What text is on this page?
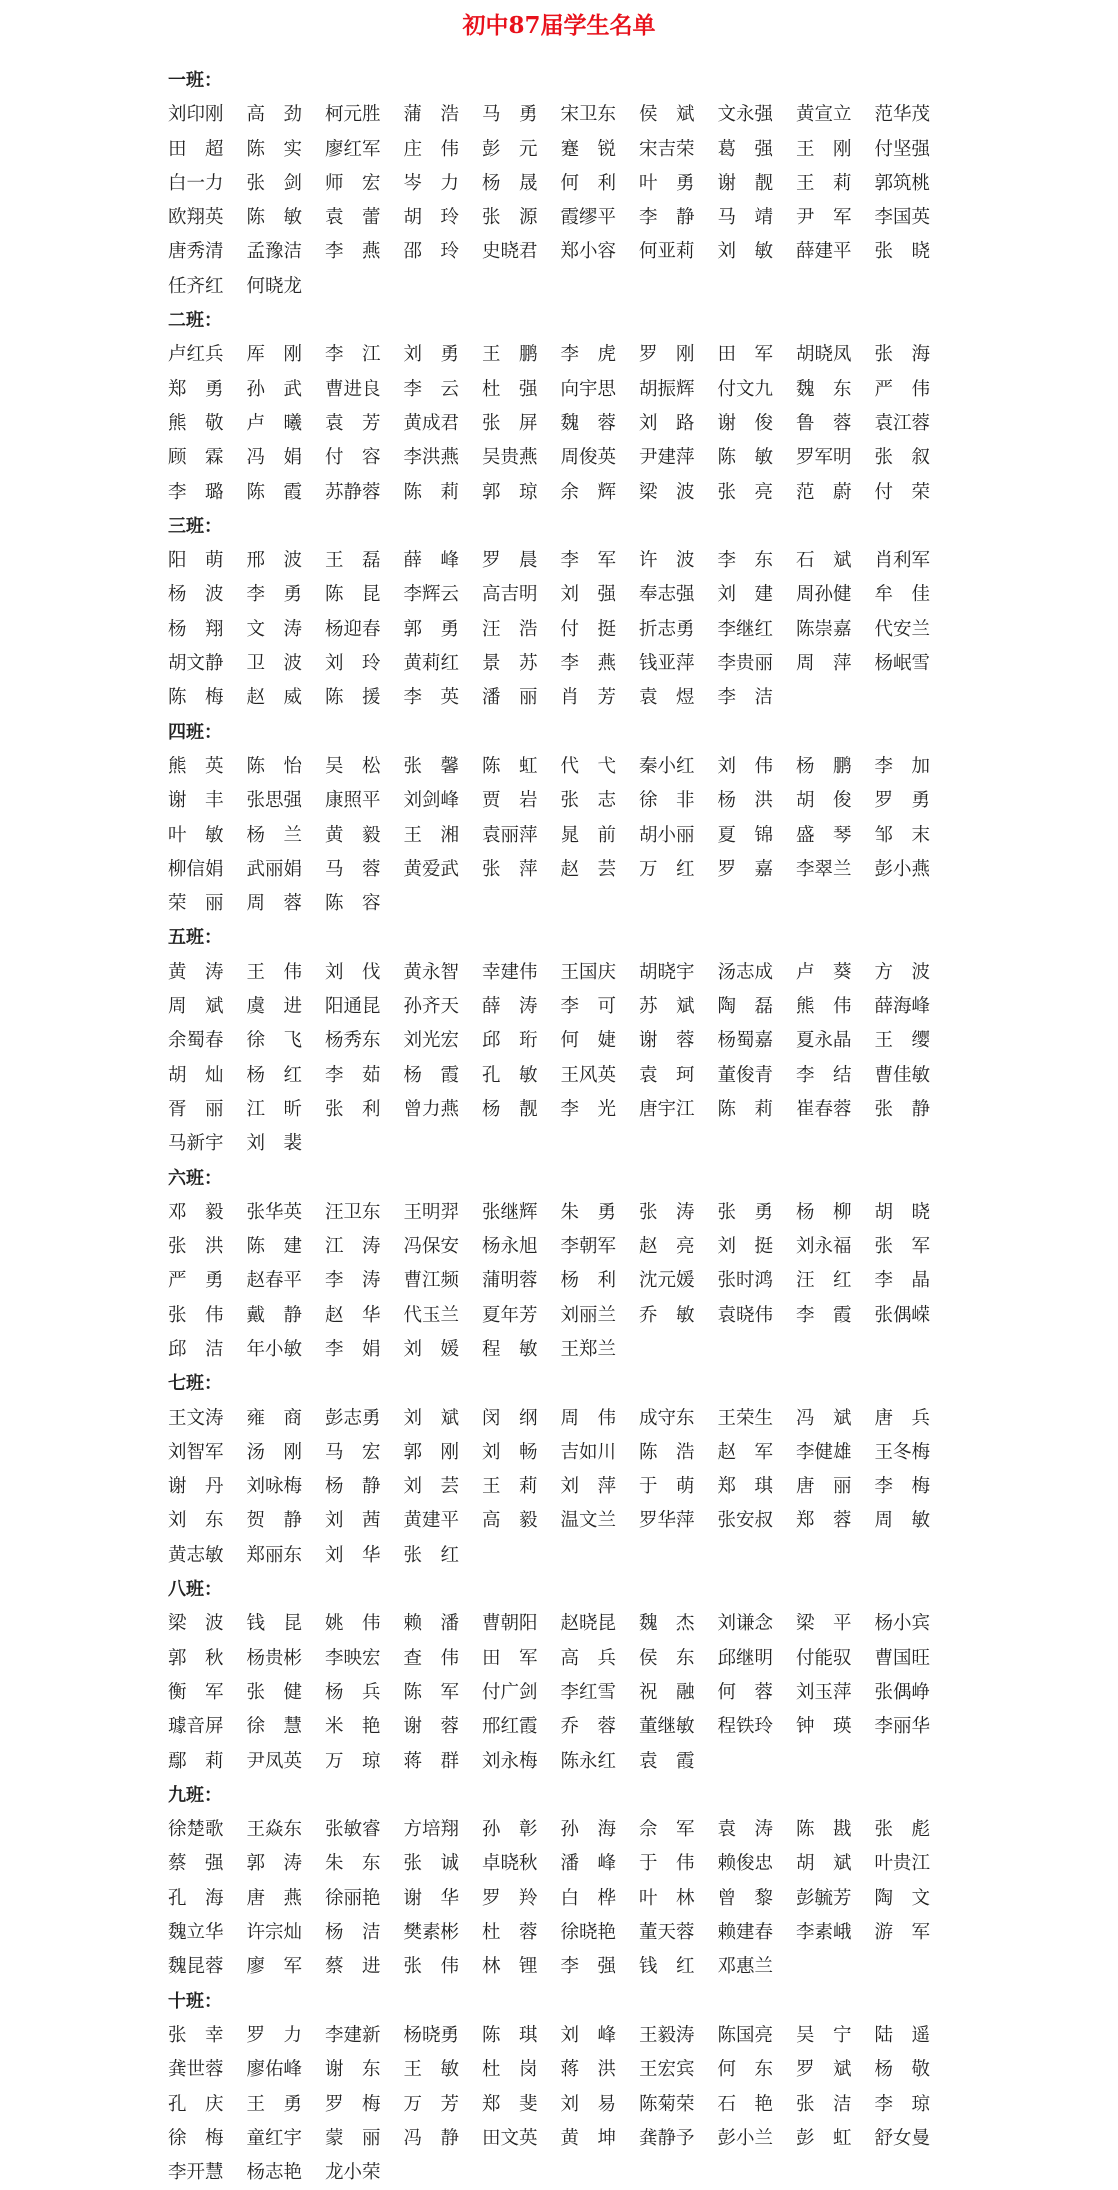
初中87届学生名单
一班：
刘印刚	高　劲	柯元胜	蒲　浩	马　勇	宋卫东	侯　斌	文永强	黄宣立	范华茂
田　超	陈　实	廖红军	庄　伟	彭　元	蹇　锐	宋吉荣	葛　强	王　刚	付坚强
白一力	张　剑	师　宏	岑　力	杨　晟	何　利	叶　勇	谢　靓	王　莉	郭筑桃
欧翔英	陈　敏	袁　蕾	胡　玲	张　源	霞缪平	李　静	马　靖	尹　军	李国英
唐秀清	孟豫洁	李　燕	邵　玲	史晓君	郑小容	何亚莉	刘　敏	薛建平	张　晓
任齐红	何晓龙
二班：
卢红兵	厍　刚	李　江	刘　勇	王　鹏	李　虎	罗　刚	田　军	胡晓凤	张　海
郑　勇	孙　武	曹进良	李　云	杜　强	向宇思	胡振辉	付文九	魏　东	严　伟
熊　敬	卢　曦	袁　芳	黄成君	张　屏	魏　蓉	刘　路	谢　俊	鲁　蓉	袁江蓉
顾　霖	冯　娟	付　容	李洪燕	吴贵燕	周俊英	尹建萍	陈　敏	罗军明	张　叙
李　璐	陈　霞	苏静蓉	陈　莉	郭　琼	余　辉	梁　波	张　亮	范　蔚	付　荣
三班：
阳　萌	邢　波	王　磊	薛　峰	罗　晨	李　军	许　波	李　东	石　斌	肖利军
杨　波	李　勇	陈　昆	李辉云	高吉明	刘　强	奉志强	刘　建	周孙健	牟　佳
杨　翔	文　涛	杨迎春	郭　勇	汪　浩	付　挺	折志勇	李继红	陈崇嘉	代安兰
胡文静	卫　波	刘　玲	黄莉红	景　苏	李　燕	钱亚萍	李贵丽	周　萍	杨岷雪
陈　梅	赵　威	陈　援	李　英	潘　丽	肖　芳	袁　煜	李　洁
四班：
熊　英	陈　怡	吴　松	张　馨	陈　虹	代　弋	秦小红	刘　伟	杨　鹏	李　加
谢　丰	张思强	康照平	刘剑峰	贾　岩	张　志	徐　非	杨　洪	胡　俊	罗　勇
叶　敏	杨　兰	黄　毅	王　湘	袁丽萍	晁　前	胡小丽	夏　锦	盛　琴	邹　末
柳信娟	武丽娟	马　蓉	黄爱武	张　萍	赵　芸	万　红	罗　嘉	李翠兰	彭小燕
荣　丽	周　蓉	陈　容
五班：
黄　涛	王　伟	刘　伐	黄永智	幸建伟	王国庆	胡晓宇	汤志成	卢　葵	方　波
周　斌	虞　进	阳通昆	孙齐天	薛　涛	李　可	苏　斌	陶　磊	熊　伟	薛海峰
余蜀春	徐　飞	杨秀东	刘光宏	邱　珩	何　婕	谢　蓉	杨蜀嘉	夏永晶	王　缨
胡　灿	杨　红	李　茹	杨　霞	孔　敏	王风英	袁　珂	董俊青	李　结	曹佳敏
胥　丽	江　昕	张　利	曾力燕	杨　靓	李　光	唐宇江	陈　莉	崔春蓉	张　静
马新宇	刘　裴
六班：
邓　毅	张华英	汪卫东	王明羿	张继辉	朱　勇	张　涛	张　勇	杨　柳	胡　晓
张　洪	陈　建	江　涛	冯保安	杨永旭	李朝军	赵　亮	刘　挺	刘永福	张　军
严　勇	赵春平	李　涛	曹江频	蒲明蓉	杨　利	沈元媛	张时鸿	汪　红	李　晶
张　伟	戴　静	赵　华	代玉兰	夏年芳	刘丽兰	乔　敏	袁晓伟	李　霞	张偶嵘
邱　洁	年小敏	李　娟	刘　媛	程　敏	王郑兰
七班：
王文涛	雍　商	彭志勇	刘　斌	闵　纲	周　伟	成守东	王荣生	冯　斌	唐　兵
刘智军	汤　刚	马　宏	郭　刚	刘　畅	吉如川	陈　浩	赵　军	李健雄	王冬梅
谢　丹	刘咏梅	杨　静	刘　芸	王　莉	刘　萍	于　萌	郑　琪	唐　丽	李　梅
刘　东	贺　静	刘　茜	黄建平	高　毅	温文兰	罗华萍	张安叔	郑　蓉	周　敏
黄志敏	郑丽东	刘　华	张　红
八班：
梁　波	钱　昆	姚　伟	赖　潘	曹朝阳	赵晓昆	魏　杰	刘谦念	梁　平	杨小宾
郭　秋	杨贵彬	李映宏	查　伟	田　军	高　兵	侯　东	邱继明	付能驭	曹国旺
衡　军	张　健	杨　兵	陈　军	付广剑	李红雪	祝　融	何　蓉	刘玉萍	张偶峥
璩音屏	徐　慧	米　艳	谢　蓉	邢红霞	乔　蓉	董继敏	程铁玲	钟　瑛	李丽华
鄢　莉	尹凤英	万　琼	蒋　群	刘永梅	陈永红	袁　霞
九班：
徐楚歌	王焱东	张敏睿	方培翔	孙　彰	孙　海	佘　军	袁　涛	陈　戡	张　彪
蔡　强	郭　涛	朱　东	张　诚	卓晓秋	潘　峰	于　伟	赖俊忠	胡　斌	叶贵江
孔　海	唐　燕	徐丽艳	谢　华	罗　羚	白　桦	叶　林	曾　黎	彭毓芳	陶　文
魏立华	许宗灿	杨　洁	樊素彬	杜　蓉	徐晓艳	董天蓉	赖建春	李素峨	游　军
魏昆蓉	廖　军	蔡　进	张　伟	林　锂	李　强	钱　红	邓惠兰
十班：
张　幸	罗　力	李建新	杨晓勇	陈　琪	刘　峰	王毅涛	陈国亮	吴　宁	陆　遥
龚世蓉	廖佑峰	谢　东	王　敏	杜　岗	蒋　洪	王宏宾	何　东	罗　斌	杨　敬
孔　庆	王　勇	罗　梅	万　芳	郑　斐	刘　易	陈菊荣	石　艳	张　洁	李　琼
徐　梅	童红宇	蒙　丽	冯　静	田文英	黄　坤	龚静予	彭小兰	彭　虹	舒女曼
李开慧	杨志艳	龙小荣
